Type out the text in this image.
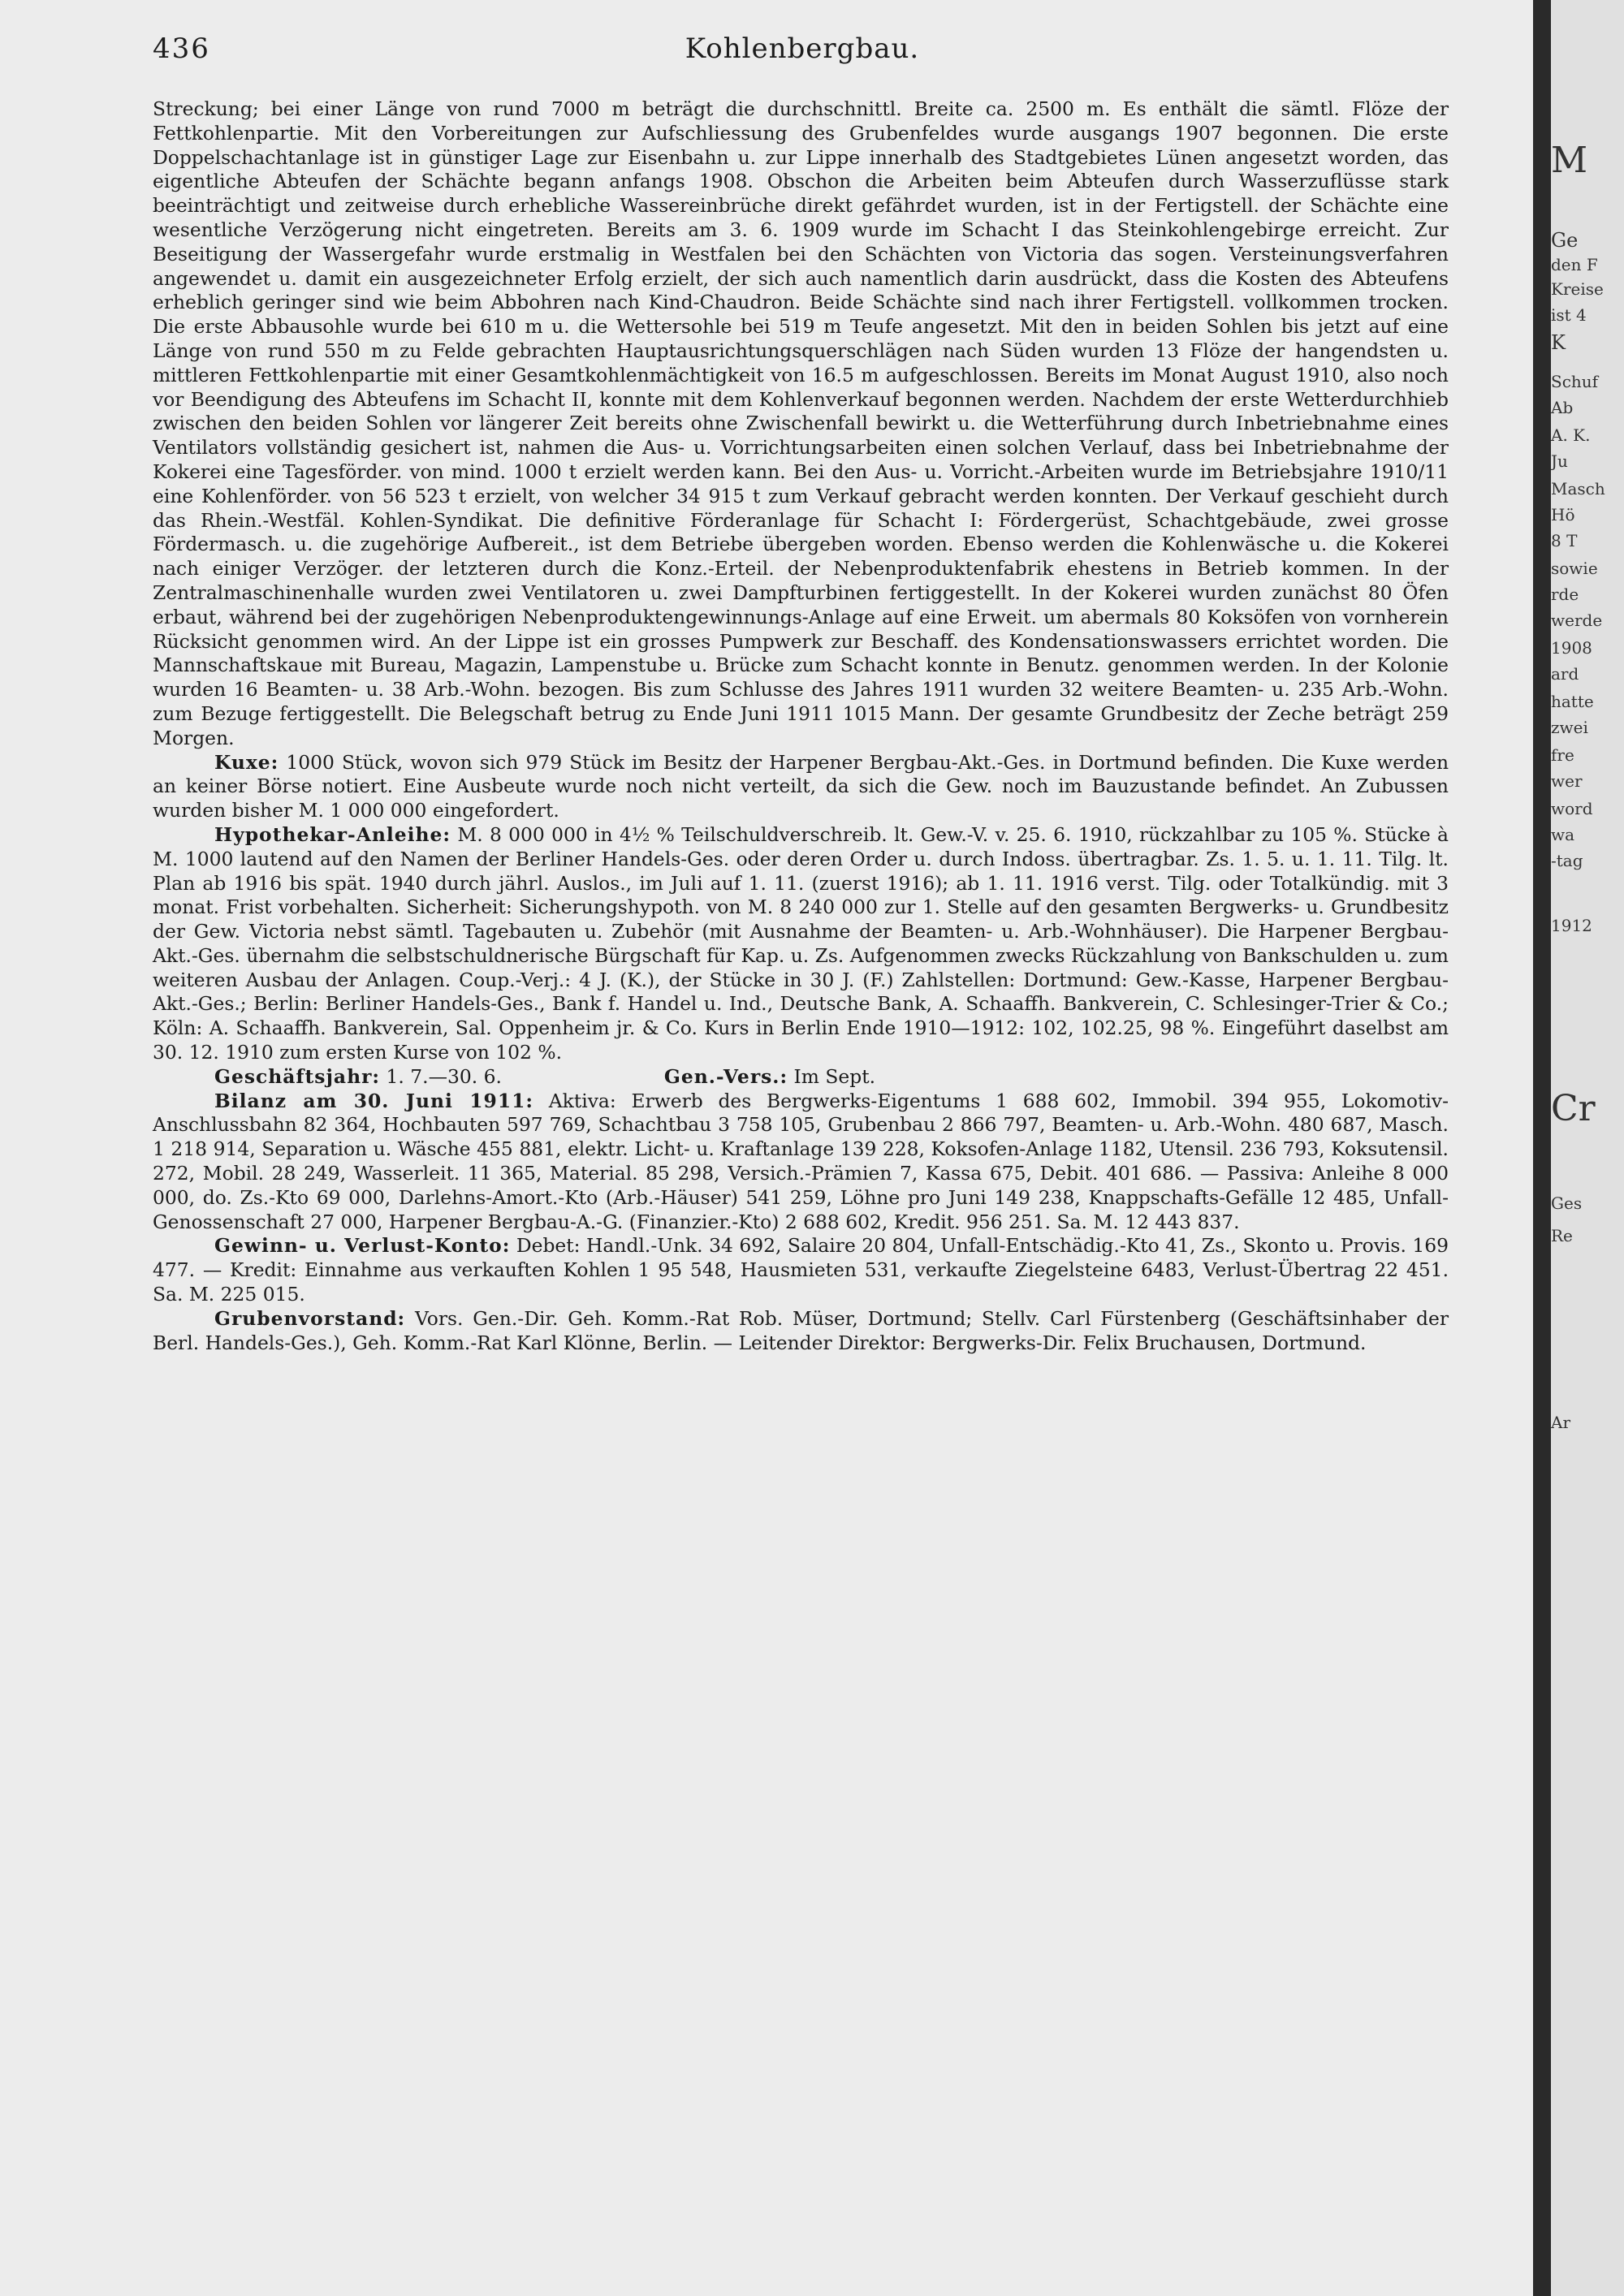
436	Kohlenbergbau.

Streckung; bei einer Länge von rund 7000 m beträgt die durchschnittl. Breite ca. 2500 m. Es enthält die sämtl. Flöze der Fettkohlenpartie. Mit den Vorbereitungen zur Aufschliessung des Grubenfeldes wurde ausgangs 1907 begonnen. Die erste Doppelschachtanlage ist in günstiger Lage zur Eisenbahn u. zur Lippe innerhalb des Stadtgebietes Lünen angesetzt worden, das eigentliche Abteufen der Schächte begann anfangs 1908. Obschon die Arbeiten beim Abteufen durch Wasserzuflüsse stark beeinträchtigt und zeitweise durch erhebliche Wassereinbrüche direkt gefährdet wurden, ist in der Fertigstell. der Schächte eine wesentliche Verzögerung nicht eingetreten. Bereits am 3. 6. 1909 wurde im Schacht I das Steinkohlengebirge erreicht. Zur Beseitigung der Wassergefahr wurde erstmalig in Westfalen bei den Schächten von Victoria das sogen. Versteinungsverfahren angewendet u. damit ein ausgezeichneter Erfolg erzielt, der sich auch namentlich darin ausdrückt, dass die Kosten des Abteufens erheblich geringer sind wie beim Abbohren nach Kind-Chaudron. Beide Schächte sind nach ihrer Fertigstell. vollkommen trocken. Die erste Abbausohle wurde bei 610 m u. die Wettersohle bei 519 m Teufe angesetzt. Mit den in beiden Sohlen bis jetzt auf eine Länge von rund 550 m zu Felde gebrachten Hauptausrichtungsquerschlägen nach Süden wurden 13 Flöze der hangendsten u. mittleren Fettkohlenpartie mit einer Gesamtkohlenmächtigkeit von 16.5 m aufgeschlossen. Bereits im Monat August 1910, also noch vor Beendigung des Abteufens im Schacht II, konnte mit dem Kohlenverkauf begonnen werden. Nachdem der erste Wetterdurchhieb zwischen den beiden Sohlen vor längerer Zeit bereits ohne Zwischenfall bewirkt u. die Wetterführung durch Inbetriebnahme eines Ventilators vollständig gesichert ist, nahmen die Aus- u. Vorrichtungsarbeiten einen solchen Verlauf, dass bei Inbetriebnahme der Kokerei eine Tagesförder. von mind. 1000 t erzielt werden kann. Bei den Aus- u. Vorricht.-Arbeiten wurde im Betriebsjahre 1910/11 eine Kohlenförder. von 56 523 t erzielt, von welcher 34 915 t zum Verkauf gebracht werden konnten. Der Verkauf geschieht durch das Rhein.-Westfäl. Kohlen-Syndikat. Die definitive Förderanlage für Schacht I: Fördergerüst, Schachtgebäude, zwei grosse Fördermasch. u. die zugehörige Aufbereit., ist dem Betriebe übergeben worden. Ebenso werden die Kohlenwäsche u. die Kokerei nach einiger Verzöger. der letzteren durch die Konz.-Erteil. der Nebenproduktenfabrik ehestens in Betrieb kommen. In der Zentralmaschinenhalle wurden zwei Ventilatoren u. zwei Dampfturbinen fertiggestellt. In der Kokerei wurden zunächst 80 Öfen erbaut, während bei der zugehörigen Nebenproduktengewinnungs-Anlage auf eine Erweit. um abermals 80 Koksöfen von vornherein Rücksicht genommen wird. An der Lippe ist ein grosses Pumpwerk zur Beschaff. des Kondensationswassers errichtet worden. Die Mannschaftskaue mit Bureau, Magazin, Lampenstube u. Brücke zum Schacht konnte in Benutz. genommen werden. In der Kolonie wurden 16 Beamten- u. 38 Arb.-Wohn. bezogen. Bis zum Schlusse des Jahres 1911 wurden 32 weitere Beamten- u. 235 Arb.-Wohn. zum Bezuge fertiggestellt. Die Belegschaft betrug zu Ende Juni 1911 1015 Mann. Der gesamte Grundbesitz der Zeche beträgt 259 Morgen.

Kuxe: 1000 Stück, wovon sich 979 Stück im Besitz der Harpener Bergbau-Akt.-Ges. in Dortmund befinden. Die Kuxe werden an keiner Börse notiert. Eine Ausbeute wurde noch nicht verteilt, da sich die Gew. noch im Bauzustande befindet. An Zubussen wurden bisher M. 1 000 000 eingefordert.

Hypothekar-Anleihe: M. 8 000 000 in 4½ % Teilschuldverschreib. lt. Gew.-V. v. 25. 6. 1910, rückzahlbar zu 105 %. Stücke à M. 1000 lautend auf den Namen der Berliner Handels-Ges. oder deren Order u. durch Indoss. übertragbar. Zs. 1. 5. u. 1. 11. Tilg. lt. Plan ab 1916 bis spät. 1940 durch jährl. Auslos., im Juli auf 1. 11. (zuerst 1916); ab 1. 11. 1916 verst. Tilg. oder Totalkündig. mit 3 monat. Frist vorbehalten. Sicherheit: Sicherungshypoth. von M. 8 240 000 zur 1. Stelle auf den gesamten Bergwerks- u. Grundbesitz der Gew. Victoria nebst sämtl. Tagebauten u. Zubehör (mit Ausnahme der Beamten- u. Arb.-Wohnhäuser). Die Harpener Bergbau-Akt.-Ges. übernahm die selbstschuldnerische Bürgschaft für Kap. u. Zs. Aufgenommen zwecks Rückzahlung von Bankschulden u. zum weiteren Ausbau der Anlagen. Coup.-Verj.: 4 J. (K.), der Stücke in 30 J. (F.) Zahlstellen: Dortmund: Gew.-Kasse, Harpener Bergbau-Akt.-Ges.; Berlin: Berliner Handels-Ges., Bank f. Handel u. Ind., Deutsche Bank, A. Schaaffh. Bankverein, C. Schlesinger-Trier & Co.; Köln: A. Schaaffh. Bankverein, Sal. Oppenheim jr. & Co. Kurs in Berlin Ende 1910—1912: 102, 102.25, 98 %. Eingeführt daselbst am 30. 12. 1910 zum ersten Kurse von 102 %.

Geschäftsjahr: 1. 7.—30. 6.	Gen.-Vers.: Im Sept.

Bilanz am 30. Juni 1911: Aktiva: Erwerb des Bergwerks-Eigentums 1 688 602, Immobil. 394 955, Lokomotiv-Anschlussbahn 82 364, Hochbauten 597 769, Schachtbau 3 758 105, Grubenbau 2 866 797, Beamten- u. Arb.-Wohn. 480 687, Masch. 1 218 914, Separation u. Wäsche 455 881, elektr. Licht- u. Kraftanlage 139 228, Koksofen-Anlage 1182, Utensil. 236 793, Koksutensil. 272, Mobil. 28 249, Wasserleit. 11 365, Material. 85 298, Versich.-Prämien 7, Kassa 675, Debit. 401 686. — Passiva: Anleihe 8 000 000, do. Zs.-Kto 69 000, Darlehns-Amort.-Kto (Arb.-Häuser) 541 259, Löhne pro Juni 149 238, Knappschafts-Gefälle 12 485, Unfall-Genossenschaft 27 000, Harpener Bergbau-A.-G. (Finanzier.-Kto) 2 688 602, Kredit. 956 251. Sa. M. 12 443 837.

Gewinn- u. Verlust-Konto: Debet: Handl.-Unk. 34 692, Salaire 20 804, Unfall-Entschädig.-Kto 41, Zs., Skonto u. Provis. 169 477. — Kredit: Einnahme aus verkauften Kohlen 1 95 548, Hausmieten 531, verkaufte Ziegelsteine 6483, Verlust-Übertrag 22 451. Sa. M. 225 015.

Grubenvorstand: Vors. Gen.-Dir. Geh. Komm.-Rat Rob. Müser, Dortmund; Stellv. Carl Fürstenberg (Geschäftsinhaber der Berl. Handels-Ges.), Geh. Komm.-Rat Karl Klönne, Berlin. — Leitender Direktor: Bergwerks-Dir. Felix Bruchausen, Dortmund.

M
Ge
den F
Kreise
ist 4
K
Schuf
Ab
A. K.
Ju
Masch
Hö
8 T
sowie
rde
werde
1908
ard
hatte
zwei
fre
wer
word
wa
-tag
1912
Cr
Ges
Re
Ar
